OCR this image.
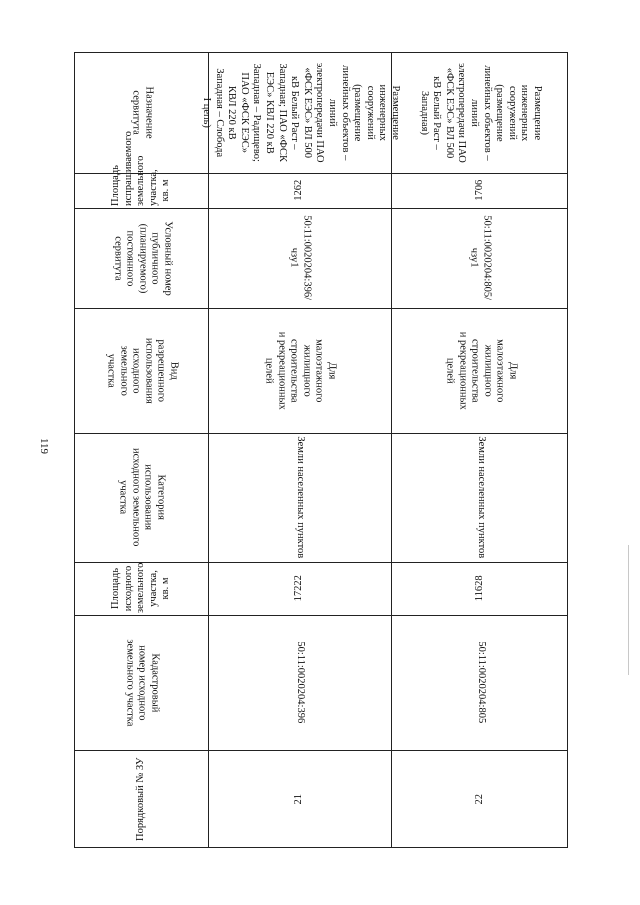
119
Порядковый № ЗУ
Кадастровый
номер исходного
земельного участка
Площадь исходного
земельного участка,
кв. м
Категория
использования
исходного земельного
участка
Вид
разрешенного
использования
исходного
земельного
участка
Условный номер
публичного
(планируемого)
постоянного сервитута
Площадь
испрашиваемого
земельного участка, кв. м
Назначение
сервитута
21
50:11:0020204:396
17222
Земли населенных пунктов
Для
малоэтажного
жилищного
строительства
и рекреационных
целей
50:11:0020204:396/чзу1
1262
Размещение
инженерных
сооружений
(размещение
линейных объектов –
линий
электропередачи ПАО
«ФСК ЕЭС» ВЛ 500
кВ Белый Раст –
Западная; ПАО «ФСК
ЕЭС» КВЛ 220 кВ
Западная – Радищево;
ПАО «ФСК ЕЭС»
КВЛ 220 кВ
Западная – Слобода
I цепь)
22
50:11:0020204:805
11628
Земли населенных пунктов
Для
малоэтажного
жилищного
строительства
и рекреационных
целей
50:11:0020204:805/чзу1
1706
Размещение
инженерных
сооружений
(размещение
линейных объектов –
линий
электропередачи ПАО
«ФСК ЕЭС» ВЛ 500
кВ Белый Раст –
Западная)
